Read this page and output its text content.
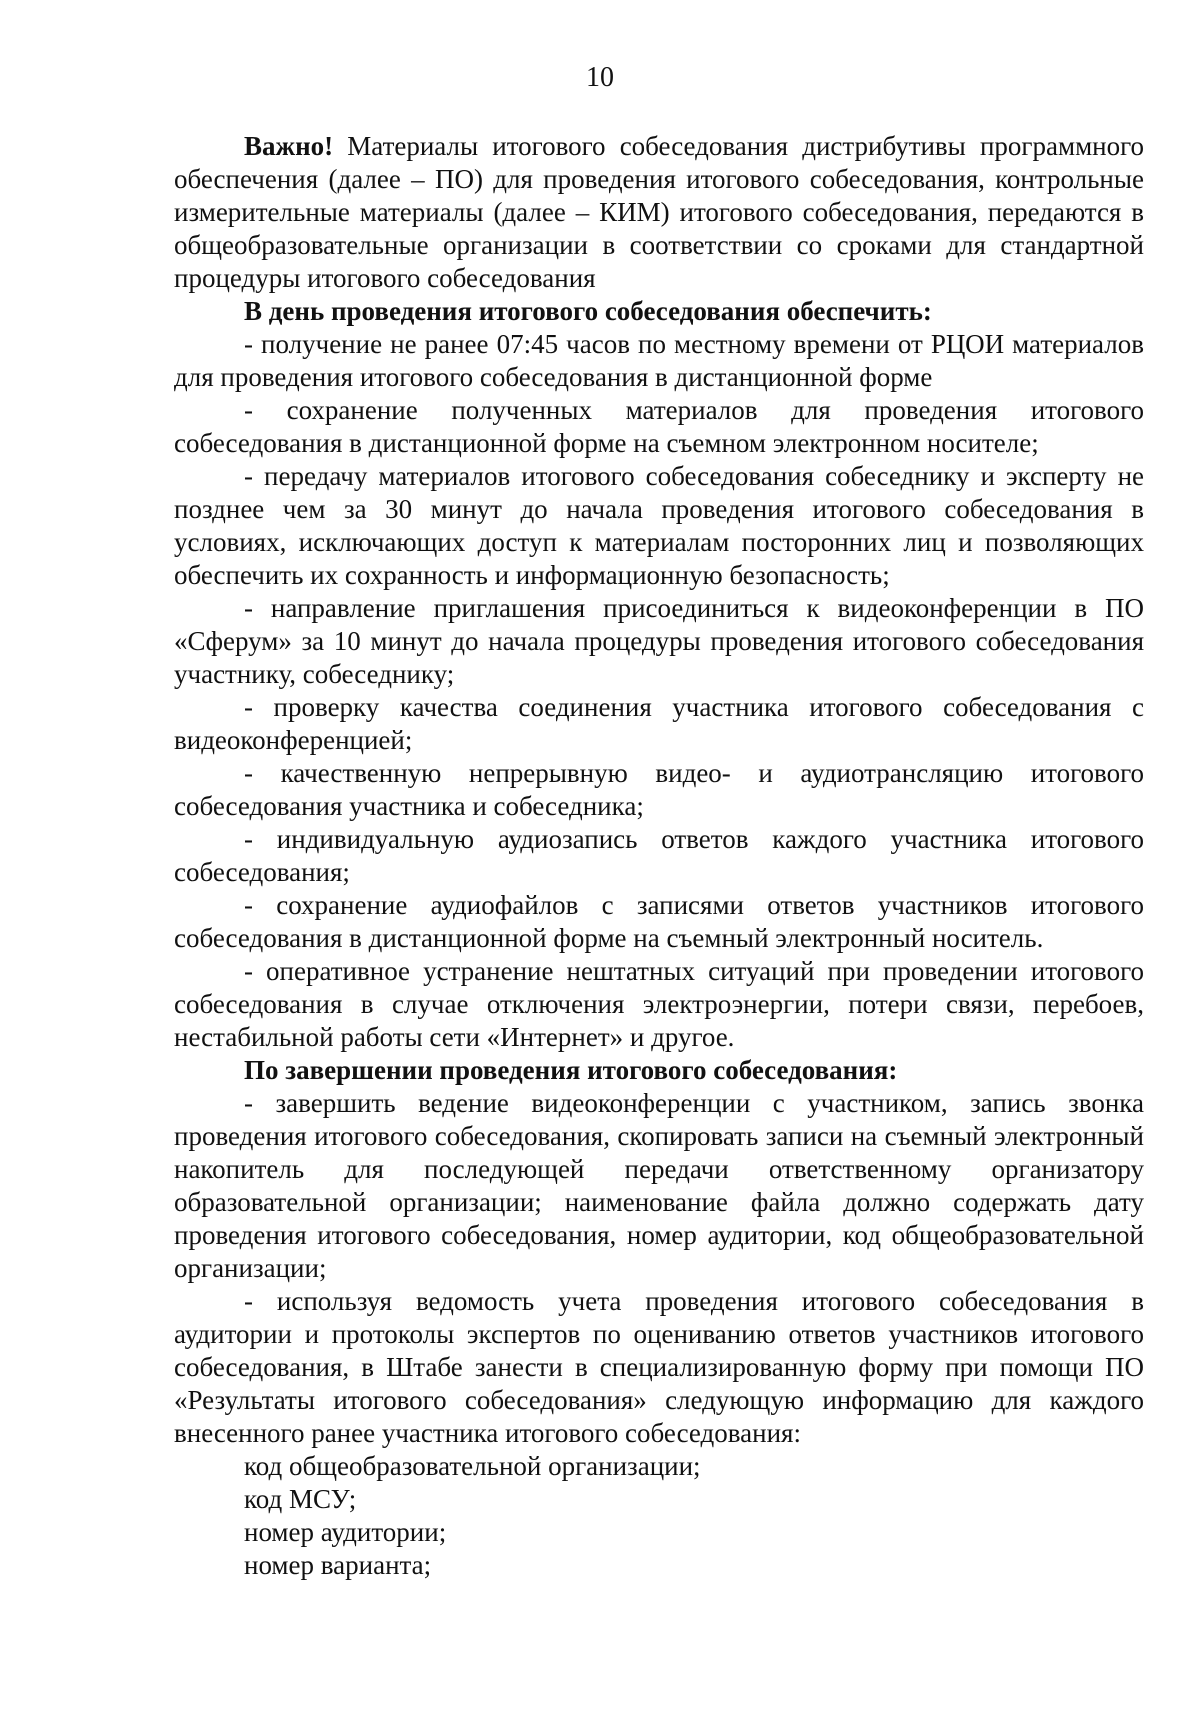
10

Важно! Материалы итогового собеседования дистрибутивы программного обеспечения (далее – ПО) для проведения итогового собеседования, контрольные измерительные материалы (далее – КИМ) итогового собеседования, передаются в общеобразовательные организации в соответствии со сроками для стандартной процедуры итогового собеседования

В день проведения итогового собеседования обеспечить:

- получение не ранее 07:45 часов по местному времени от РЦОИ материалов для проведения итогового собеседования в дистанционной форме

- сохранение полученных материалов для проведения итогового собеседования в дистанционной форме на съемном электронном носителе;

- передачу материалов итогового собеседования собеседнику и эксперту не позднее чем за 30 минут до начала проведения итогового собеседования в условиях, исключающих доступ к материалам посторонних лиц и позволяющих обеспечить их сохранность и информационную безопасность;

- направление приглашения присоединиться к видеоконференции в ПО «Сферум» за 10 минут до начала процедуры проведения итогового собеседования участнику, собеседнику;

- проверку качества соединения участника итогового собеседования с видеоконференцией;

- качественную непрерывную видео- и аудиотрансляцию итогового собеседования участника и собеседника;

- индивидуальную аудиозапись ответов каждого участника итогового собеседования;

- сохранение аудиофайлов с записями ответов участников итогового собеседования в дистанционной форме на съемный электронный носитель.

- оперативное устранение нештатных ситуаций при проведении итогового собеседования в случае отключения электроэнергии, потери связи, перебоев, нестабильной работы сети «Интернет» и другое.

По завершении проведения итогового собеседования:

- завершить ведение видеоконференции с участником, запись звонка проведения итогового собеседования, скопировать записи на съемный электронный накопитель для последующей передачи ответственному организатору образовательной организации; наименование файла должно содержать дату проведения итогового собеседования, номер аудитории, код общеобразовательной организации;

- используя ведомость учета проведения итогового собеседования в аудитории и протоколы экспертов по оцениванию ответов участников итогового собеседования, в Штабе занести в специализированную форму при помощи ПО «Результаты итогового собеседования» следующую информацию для каждого внесенного ранее участника итогового собеседования:

код общеобразовательной организации;

код МСУ;

номер аудитории;

номер варианта;
